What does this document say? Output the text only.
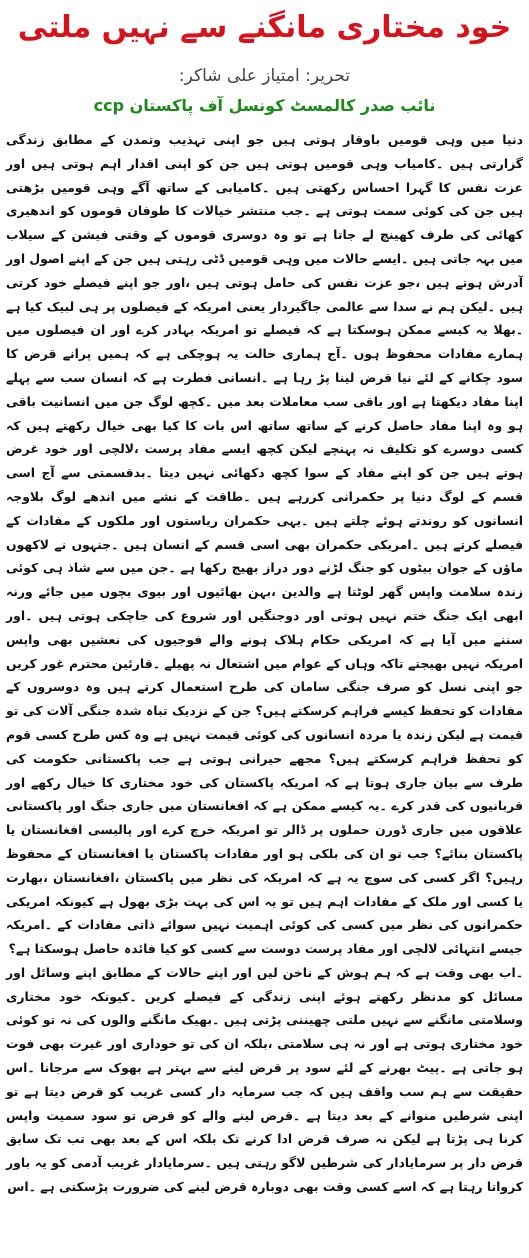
خود مختاری مانگنے سے نہیں ملتی
تحریر: امتیاز علی شاکر:
نائب صدر کالمسٹ کونسل آف پاکستان ccp

دنیا میں وہی قومیں باوقار ہوتی ہیں جو اپنی تہذیب وتمدن کے مطابق زندگی گزارتی ہیں ۔کامیاب وہی قومیں ہوتی ہیں جن کو اپنی اقدار اہم ہوتی ہیں اور عزت نفس کا گہرا احساس رکھتی ہیں ۔کامیابی کے ساتھ آگے وہی قومیں بڑھتی ہیں جن کی کوئی سمت ہوتی ہے ۔جب منتشر خیالات کا طوفان قوموں کو اندھیری کھائی کی طرف کھینچ لے جاتا ہے تو وہ دوسری قوموں کے وقتی فیشن کے سیلاب میں بہہ جاتی ہیں ۔ایسے حالات میں وہی قومیں ڈٹی رہتی ہیں جن کے اپنے اصول اور آدرش ہوتے ہیں ،جو عزت نفس کی حامل ہوتی ہیں ،اور جو اپنے فیصلے خود کرتی ہیں ۔لیکن ہم نے سدا سے عالمی جاگیردار یعنی امریکہ کے فیصلوں پر ہی لبیک کیا ہے ۔بھلا یہ کیسے ممکن ہوسکتا ہے کہ فیصلے تو امریکہ بہادر کرے اور ان فیصلوں میں ہمارے مفادات محفوظ ہوں ۔آج ہماری حالت یہ ہوچکی ہے کہ ہمیں پرانے قرض کا سود چکانے کے لئے نیا قرض لینا پڑ رہا ہے ۔انسانی فطرت ہے کہ انسان سب سے پہلے اپنا مفاد دیکھتا ہے اور باقی سب معاملات بعد میں ۔کچھ لوگ جن میں انسانیت باقی ہو وہ اپنا مفاد حاصل کرنے کے ساتھ ساتھ اس بات کا کیا بھی خیال رکھتے ہیں کہ کسی دوسرے کو تکلیف نہ پہنچے لیکن کچھ ایسے مفاد پرست ،لالچی اور خود غرض ہوتے ہیں جن کو اپنے مفاد کے سوا کچھ دکھائی نہیں دیتا ۔بدقسمتی سے آج اسی قسم کے لوگ دنیا پر حکمرانی کررہے ہیں ۔طاقت کے نشے میں اندھے لوگ بلاوجہ انسانوں کو روندتے ہوئے چلتے ہیں ۔یہی حکمران ریاستوں اور ملکوں کے مفادات کے فیصلے کرتے ہیں ۔امریکی حکمران بھی اسی قسم کے انسان ہیں ۔جنہوں نے لاکھوں ماؤں کے جوان بیٹوں کو جنگ لڑنے دور دراز بھیج رکھا ہے ۔جن میں سے شاذ ہی کوئی زندہ سلامت واپس گھر لوٹتا ہے والدین ،بہن بھائیوں اور بیوی بچوں میں جائے ورنہ ابھی ایک جنگ ختم نہیں ہوتی اور دوجنگیں اور شروع کی جاچکی ہوتی ہیں ۔اور سننے میں آیا ہے کہ امریکی حکام ہلاک ہونے والے فوجیوں کی نعشیں بھی واپس امریکہ نہیں بھیجتے تاکہ وہاں کے عوام میں اشتعال نہ پھیلے ۔قارئین محترم غور کریں جو اپنی نسل کو صرف جنگی سامان کی طرح استعمال کرتے ہیں وہ دوسروں کے مفادات کو تحفظ کیسے فراہم کرسکتے ہیں؟ جن کے نزدیک تباہ شدہ جنگی آلات کی تو قیمت ہے لیکن زندہ یا مردہ انسانوں کی کوئی قیمت نہیں ہے وہ کس طرح کسی قوم کو تحفظ فراہم کرسکتے ہیں؟ مجھے حیرانی ہوتی ہے جب پاکستانی حکومت کی طرف سے بیان جاری ہوتا ہے کہ امریکہ پاکستان کی خود مختاری کا خیال رکھے اور قربانیوں کی قدر کرے ۔یہ کیسے ممکن ہے کہ افغانستان میں جاری جنگ اور پاکستانی علاقوں میں جاری ڈورن حملوں پر ڈالر تو امریکہ خرچ کرے اور پالیسی افغانستان یا پاکستان بنائے؟ جب تو ان کی بلکی ہو اور مفادات پاکستان یا افغانستان کے محفوظ رہیں؟ اگر کسی کی سوچ یہ ہے کہ امریکہ کی نظر میں پاکستان ،افغانستان ،بھارت یا کسی اور ملک کے مفادات اہم ہیں تو یہ اس کی بہت بڑی بھول ہے کیونکہ امریکی حکمرانوں کی نظر میں کسی کی کوئی اہمیت نہیں سوائے ذاتی مفادات کے ۔امریکہ جیسے انتہائی لالچی اور مفاد پرست دوست سے کسی کو کیا فائدہ حاصل ہوسکتا ہے؟

۔اب بھی وقت ہے کہ ہم ہوش کے ناخن لیں اور اپنے حالات کے مطابق اپنے وسائل اور مسائل کو مدنظر رکھتے ہوئے اپنی زندگی کے فیصلے کریں ۔کیونکہ خود مختاری وسلامتی مانگنے سے نہیں ملتی چھیننی پڑتی ہیں ۔بھیک مانگنے والوں کی نہ تو کوئی خود مختاری ہوتی ہے اور نہ ہی سلامتی ،بلکہ ان کی تو خوداری اور غیرت بھی فوت ہو جاتی ہے ۔پیٹ بھرنے کے لئے سود پر قرض لینے سے بہتر ہے بھوک سے مرجانا ۔اس حقیقت سے ہم سب واقف ہیں کہ جب سرمایہ دار کسی غریب کو قرض دیتا ہے تو اپنی شرطیں منوانے کے بعد دیتا ہے ۔قرض لینے والے کو قرض تو سود سمیت واپس کرنا ہی پڑتا ہے لیکن نہ صرف قرض ادا کرنے تک بلکہ اس کے بعد بھی تب تک سابق قرض دار پر سرمایادار کی شرطیں لاگو رہتی ہیں ۔سرمایادار غریب آدمی کو یہ باور کرواتا رہتا ہے کہ اسے کسی وقت بھی دوبارہ قرض لینے کی ضرورت پڑسکتی ہے ۔اس
